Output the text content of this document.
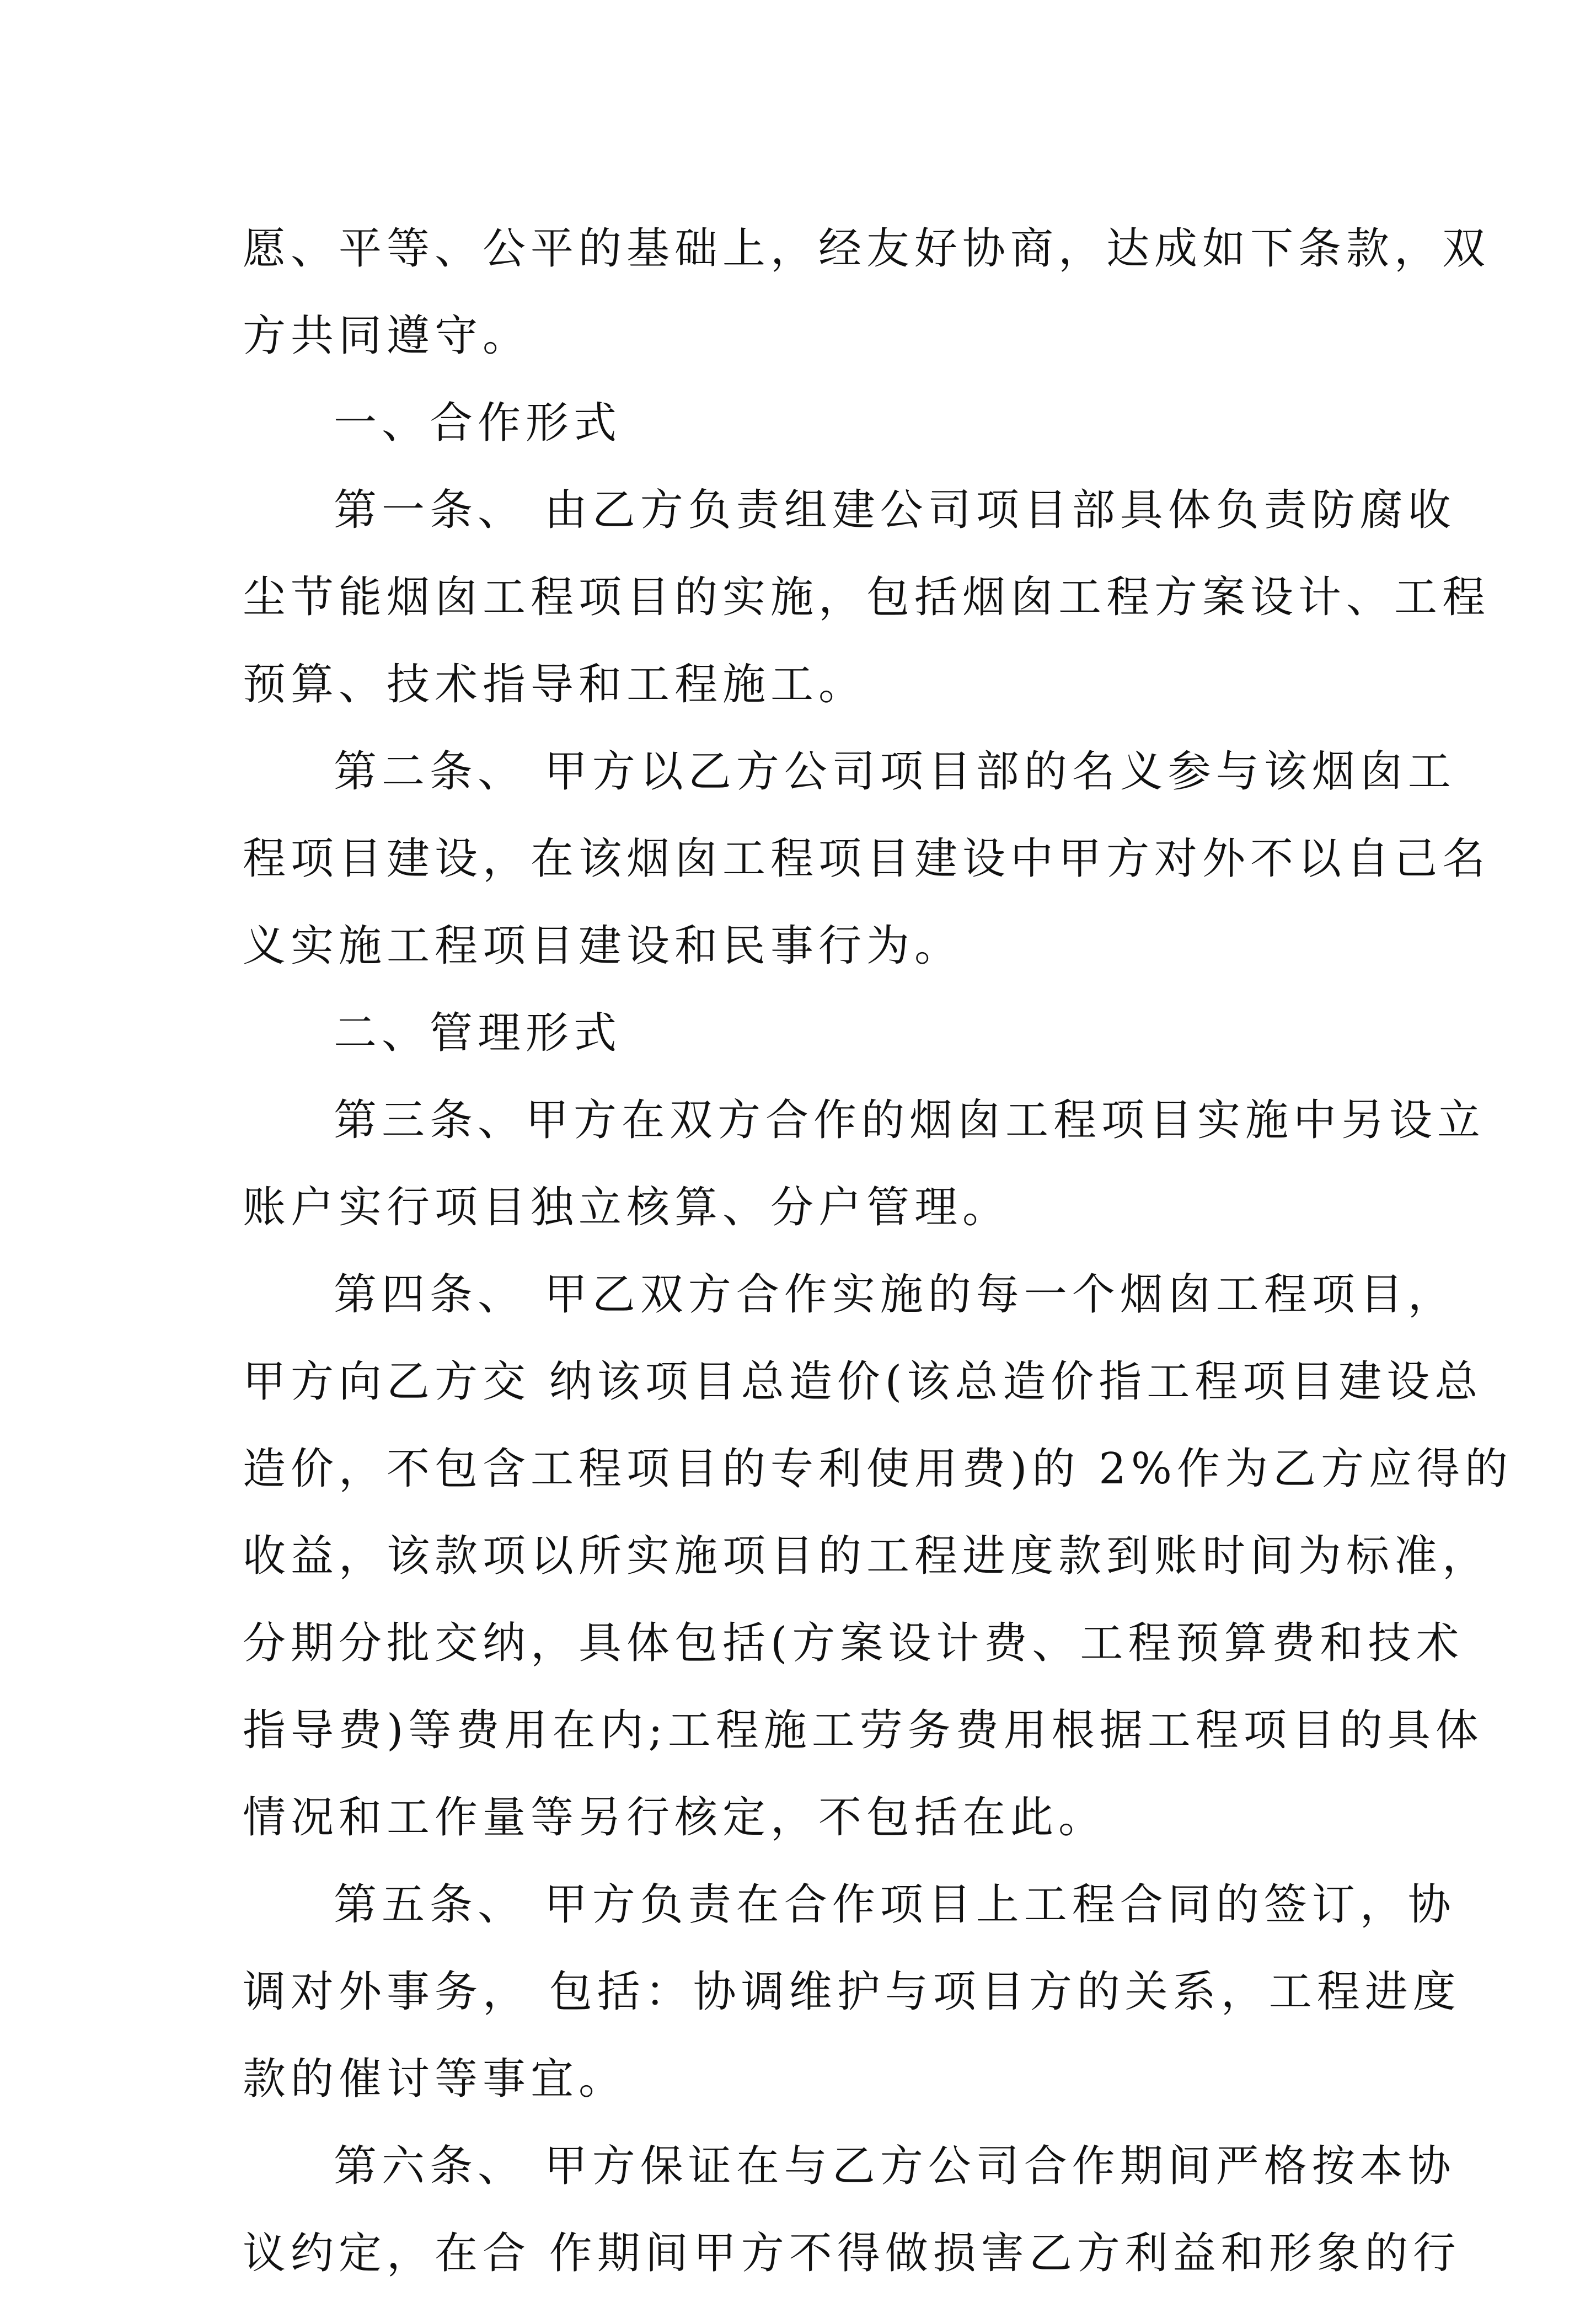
愿、平等、公平的基础上，经友好协商，达成如下条款，双
方共同遵守。
一、合作形式
第一条、 由乙方负责组建公司项目部具体负责防腐收
尘节能烟囱工程项目的实施，包括烟囱工程方案设计、工程
预算、技术指导和工程施工。
第二条、 甲方以乙方公司项目部的名义参与该烟囱工
程项目建设，在该烟囱工程项目建设中甲方对外不以自己名
义实施工程项目建设和民事行为。
二、管理形式
第三条、甲方在双方合作的烟囱工程项目实施中另设立
账户实行项目独立核算、分户管理。
第四条、 甲乙双方合作实施的每一个烟囱工程项目，
甲方向乙方交 纳该项目总造价(该总造价指工程项目建设总
造价，不包含工程项目的专利使用费)的 2%作为乙方应得的
收益，该款项以所实施项目的工程进度款到账时间为标准，
分期分批交纳，具体包括(方案设计费、工程预算费和技术
指导费)等费用在内;工程施工劳务费用根据工程项目的具体
情况和工作量等另行核定，不包括在此。
第五条、 甲方负责在合作项目上工程合同的签订，协
调对外事务， 包括：协调维护与项目方的关系，工程进度
款的催讨等事宜。
第六条、 甲方保证在与乙方公司合作期间严格按本协
议约定，在合 作期间甲方不得做损害乙方利益和形象的行
